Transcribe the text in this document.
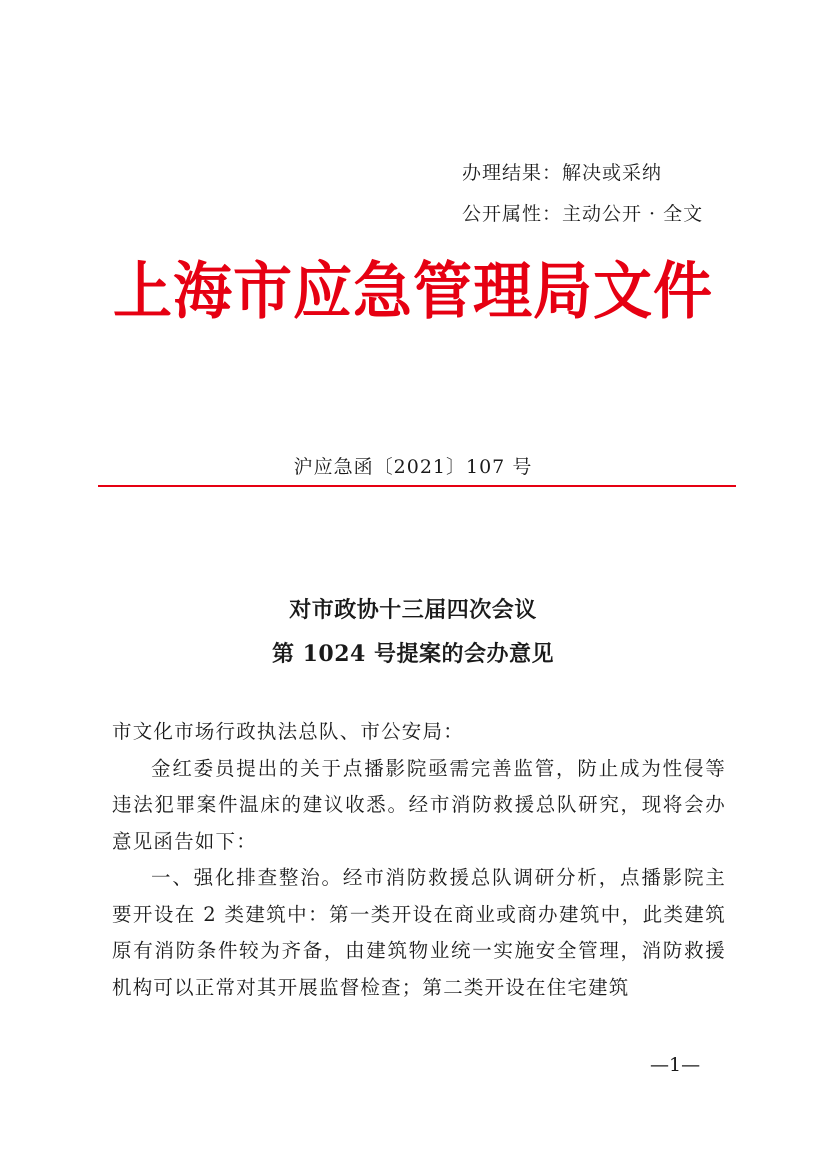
办理结果：解决或采纳
公开属性：主动公开 · 全文
上海市应急管理局文件
沪应急函〔2021〕107 号
对市政协十三届四次会议
第 1024 号提案的会办意见

市文化市场行政执法总队、市公安局：

金红委员提出的关于点播影院亟需完善监管，防止成为性侵等违法犯罪案件温床的建议收悉。经市消防救援总队研究，现将会办意见函告如下：

一、强化排查整治。经市消防救援总队调研分析，点播影院主要开设在 2 类建筑中：第一类开设在商业或商办建筑中，此类建筑原有消防条件较为齐备，由建筑物业统一实施安全管理，消防救援机构可以正常对其开展监督检查；第二类开设在住宅建筑

—1—
